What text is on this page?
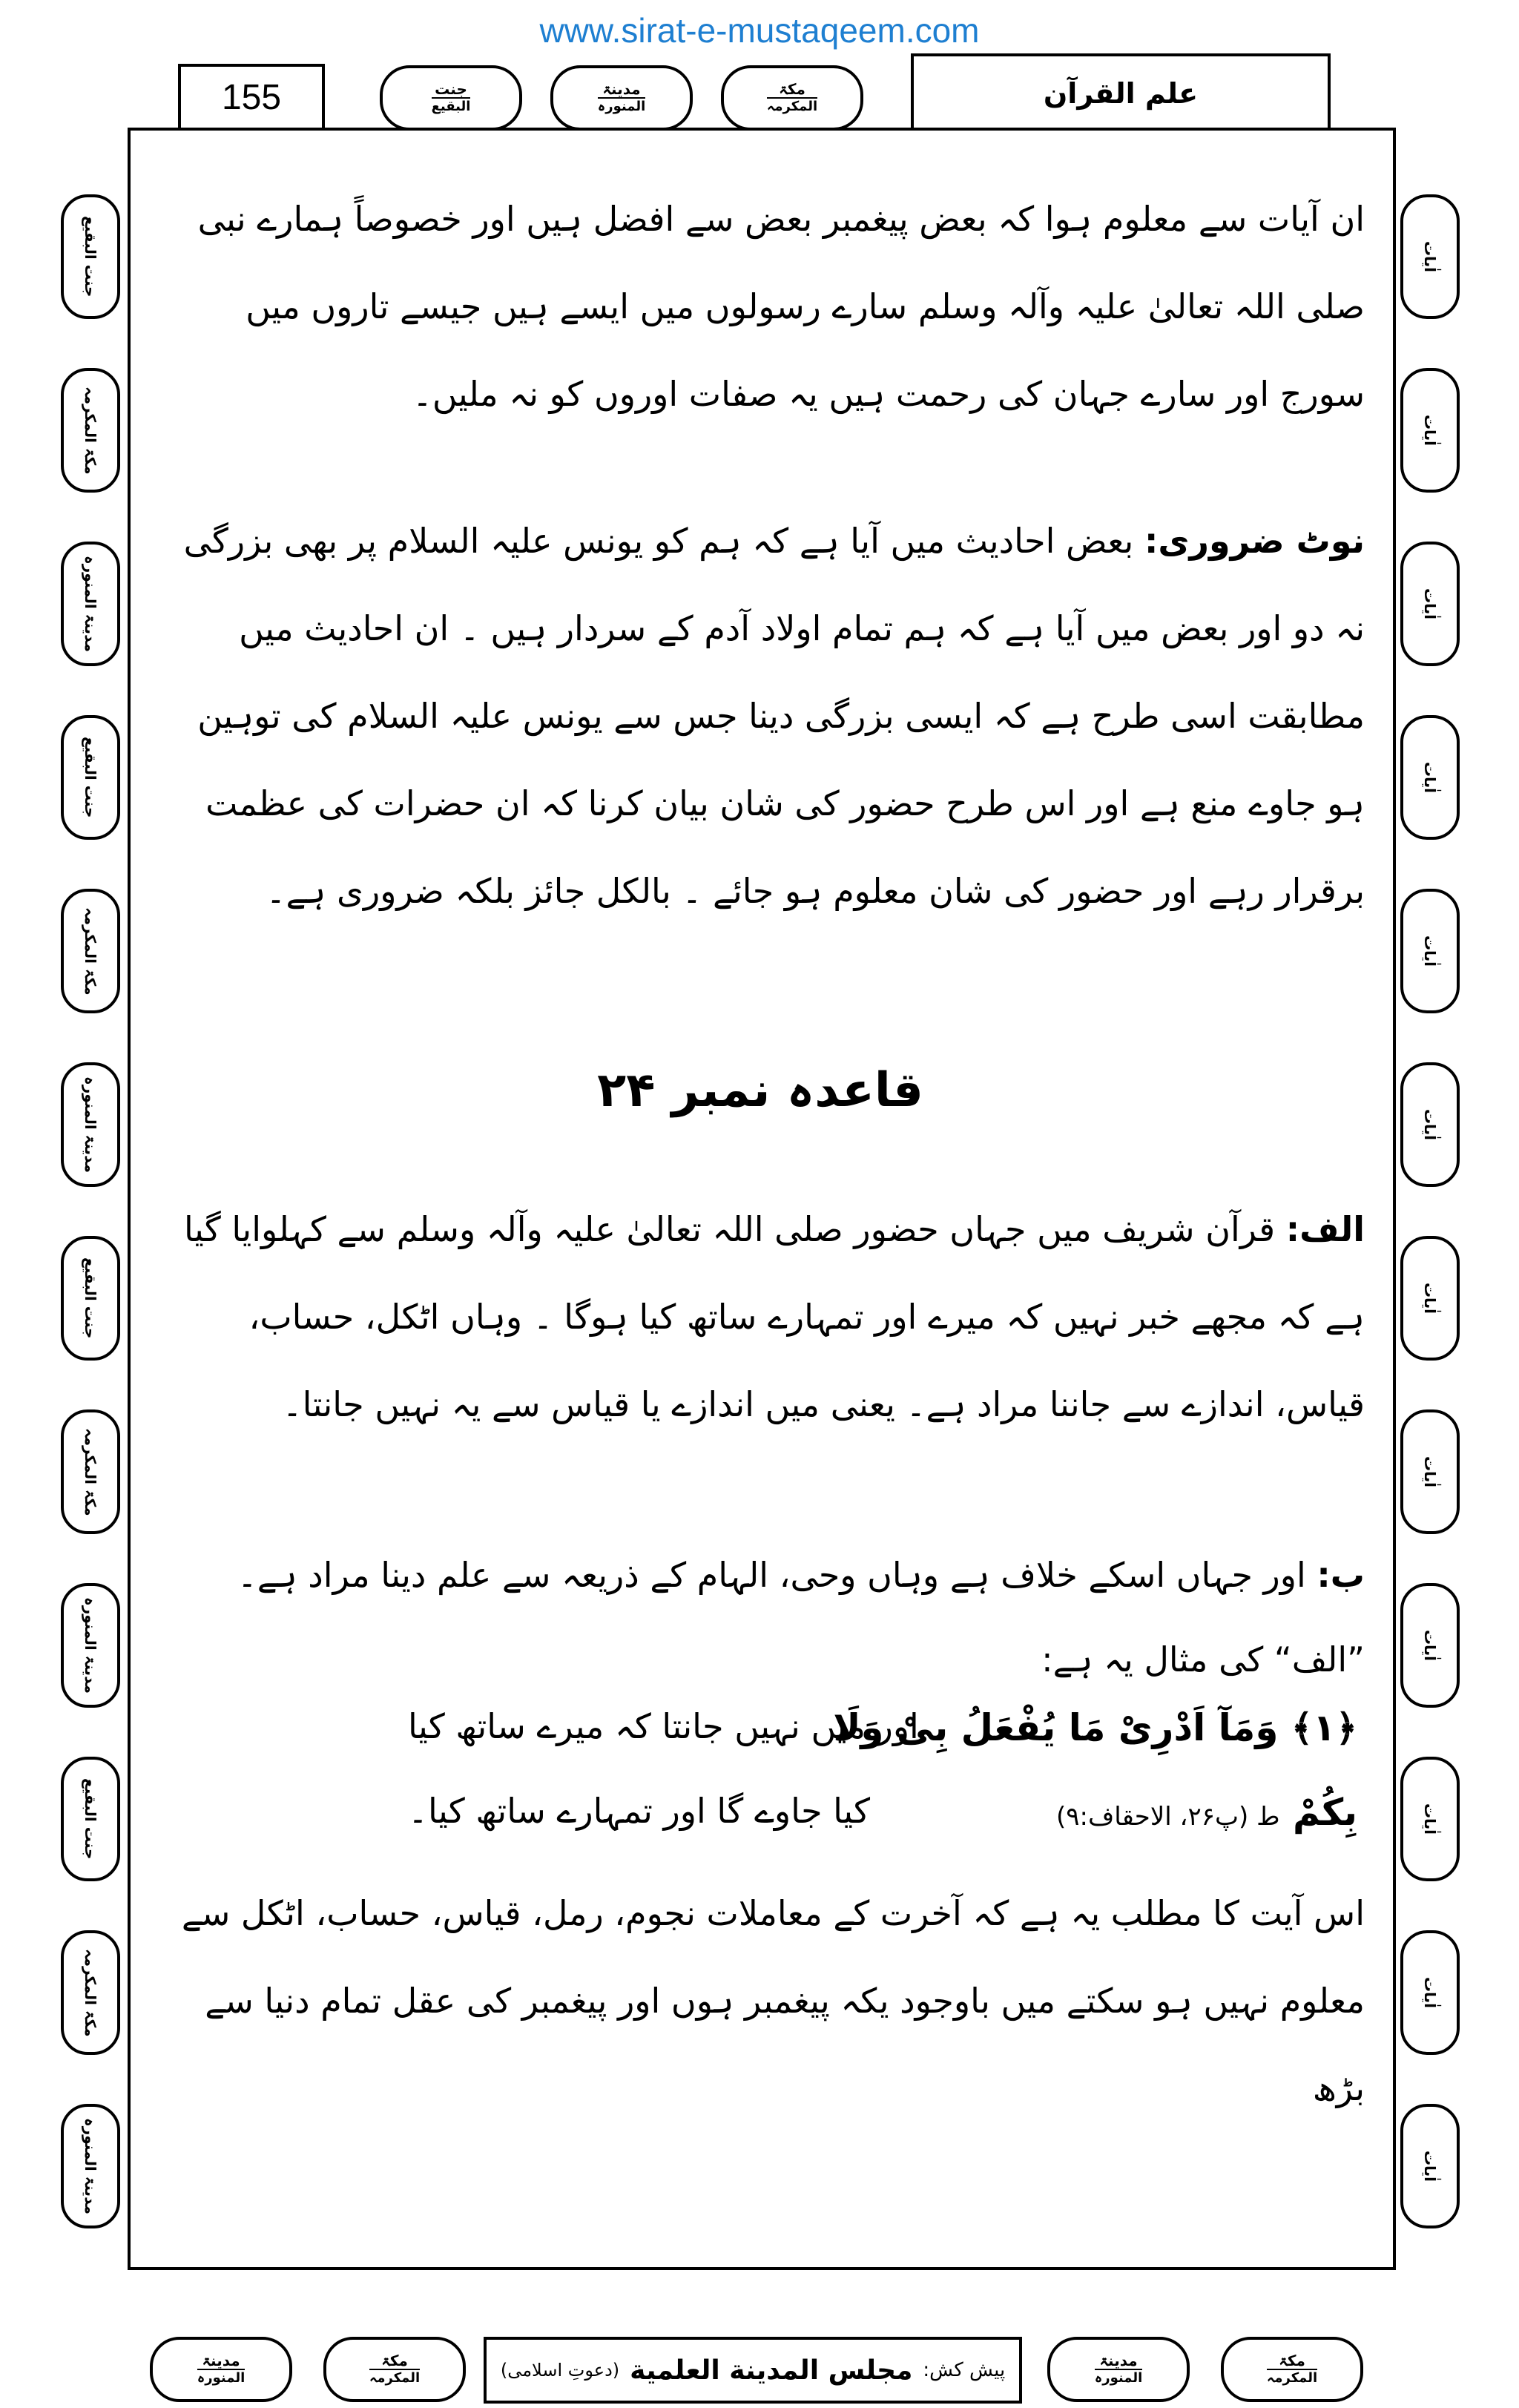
www.sirat-e-mustaqeem.com
155	جنت
البقیع
مدینۃ
المنورہ
مکۃ
المکرمہ	علم القرآن
جنت البقیع
مکۃ المکرمہ
مدینۃ المنورہ
جنت البقیع
مکۃ المکرمہ
مدینۃ المنورہ
جنت البقیع
مکۃ المکرمہ
مدینۃ المنورہ
جنت البقیع
مکۃ المکرمہ
مدینۃ المنورہ
اٰیات
اٰیات
اٰیات
اٰیات
اٰیات
اٰیات
اٰیات
اٰیات
اٰیات
اٰیات
اٰیات
اٰیات
ان آیات سے معلوم ہوا کہ بعض پیغمبر بعض سے افضل ہیں اور خصوصاً ہمارے نبی صلی اللہ تعالیٰ علیہ وآلہ وسلم سارے رسولوں میں ایسے ہیں جیسے تاروں میں سورج اور سارے جہان کی رحمت ہیں یہ صفات اوروں کو نہ ملیں۔
نوٹ ضروری: بعض احادیث میں آیا ہے کہ ہم کو یونس علیہ السلام پر بھی بزرگی نہ دو اور بعض میں آیا ہے کہ ہم تمام اولاد آدم کے سردار ہیں ۔ ان احادیث میں مطابقت اسی طرح ہے کہ ایسی بزرگی دینا جس سے یونس علیہ السلام کی توہین ہو جاوے منع ہے اور اس طرح حضور کی شان بیان کرنا کہ ان حضرات کی عظمت برقرار رہے اور حضور کی شان معلوم ہو جائے ۔ بالکل جائز بلکہ ضروری ہے۔
قاعدہ نمبر ۲۴
الف: قرآن شریف میں جہاں حضور صلی اللہ تعالیٰ علیہ وآلہ وسلم سے کہلوایا گیا ہے کہ مجھے خبر نہیں کہ میرے اور تمہارے ساتھ کیا ہوگا ۔ وہاں اٹکل، حساب، قیاس، اندازے سے جاننا مراد ہے۔ یعنی میں اندازے یا قیاس سے یہ نہیں جانتا۔
ب: اور جہاں اسکے خلاف ہے وہاں وحی، الہام کے ذریعہ سے علم دینا مراد ہے۔
”الف“ کی مثال یہ ہے:
﴿۱﴾ وَمَآ اَدْرِیْ مَا یُفْعَلُ بِیْ وَلَا
اور میں نہیں جانتا کہ میرے ساتھ کیا
بِکُمْ ط (پ۲۶، الاحقاف:۹)
کیا جاوے گا اور تمہارے ساتھ کیا۔
اس آیت کا مطلب یہ ہے کہ آخرت کے معاملات نجوم، رمل، قیاس، حساب، اٹکل سے معلوم نہیں ہو سکتے میں باوجود یکہ پیغمبر ہوں اور پیغمبر کی عقل تمام دنیا سے بڑھ
مدینۃ
المنورہ
مکۃ
المکرمہ	پیش کش:
مجلس المدینة العلمیة
(دعوتِ اسلامی)	مدینۃ
المنورہ
مکۃ
المکرمہ
